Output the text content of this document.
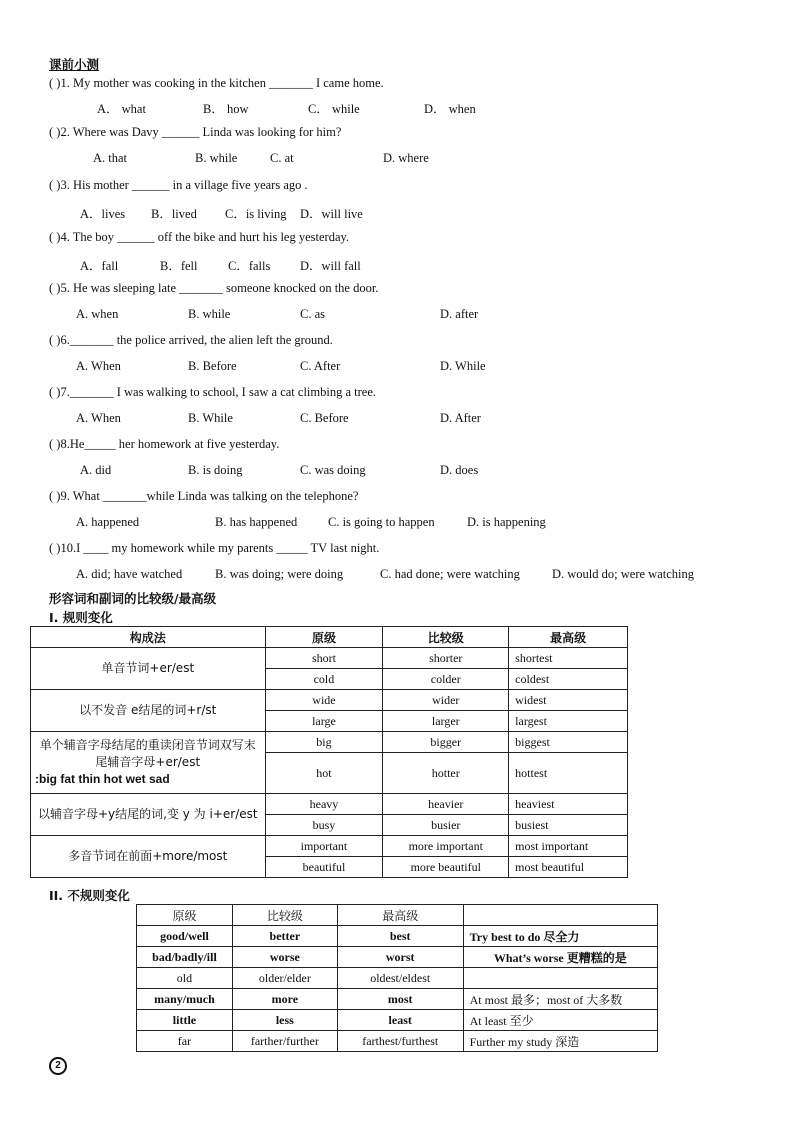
课前小测
( )1. My mother was cooking in the kitchen _______ I came home.
A． what	B． how	C． while	D． when
( )2. Where was Davy ______ Linda was looking for him?
A. that	B. while	C. at	D. where
( )3. His mother ______ in a village five years ago .
A．lives B．lived C．is living D．will live
( )4. The boy ______ off the bike and hurt his leg yesterday.
A．fall	B．fell C．falls D．will fall
( )5. He was sleeping late _______ someone knocked on the door.
A. when	B. while	C. as	D. after
( )6._______ the police arrived, the alien left the ground.
A. When	B. Before	C. After	D. While
( )7._______ I was walking to school, I saw a cat climbing a tree.
A. When	B. While	C. Before	D. After
( )8.He_____ her homework at five yesterday.
A. did	B. is doing	C. was doing	D. does
( )9. What _______while Linda was talking on the telephone?
A. happened	B. has happened C. is going to happen	D. is happening
( )10.I ____ my homework while my parents _____ TV last night.
A. did; have watched	B. was doing; were doing	C. had done; were watching	D. would do; were watching
形容词和副词的比较级/最高级
I. 规则变化
构成法	原级	比较级	最高级
单音节词+er/est	short	shorter	shortest
	cold	colder	coldest
以不发音 e结尾的词+r/st	wide	wider	widest
	large	larger	largest
单个辅音字母结尾的重读闭音节词双写末尾辅音字母+er/est
:big fat thin hot wet sad	big	bigger	biggest
	hot	hotter	hottest
以辅音字母+y结尾的词,变 y 为 i+er/est	heavy	heavier	heaviest
	busy	busier	busiest
多音节词在前面+more/most	important	more important	most important
	beautiful	more beautiful	most beautiful
II. 不规则变化
原级	比较级	最高级	
good/well	better	best	Try best to do 尽全力
bad/badly/ill	worse	worst	What’s worse 更糟糕的是
old	older/elder	oldest/eldest	
many/much	more	most	At most 最多；most of 大多数
little	less	least	At least 至少
far	farther/further	farthest/furthest	Further my study 深造
2
